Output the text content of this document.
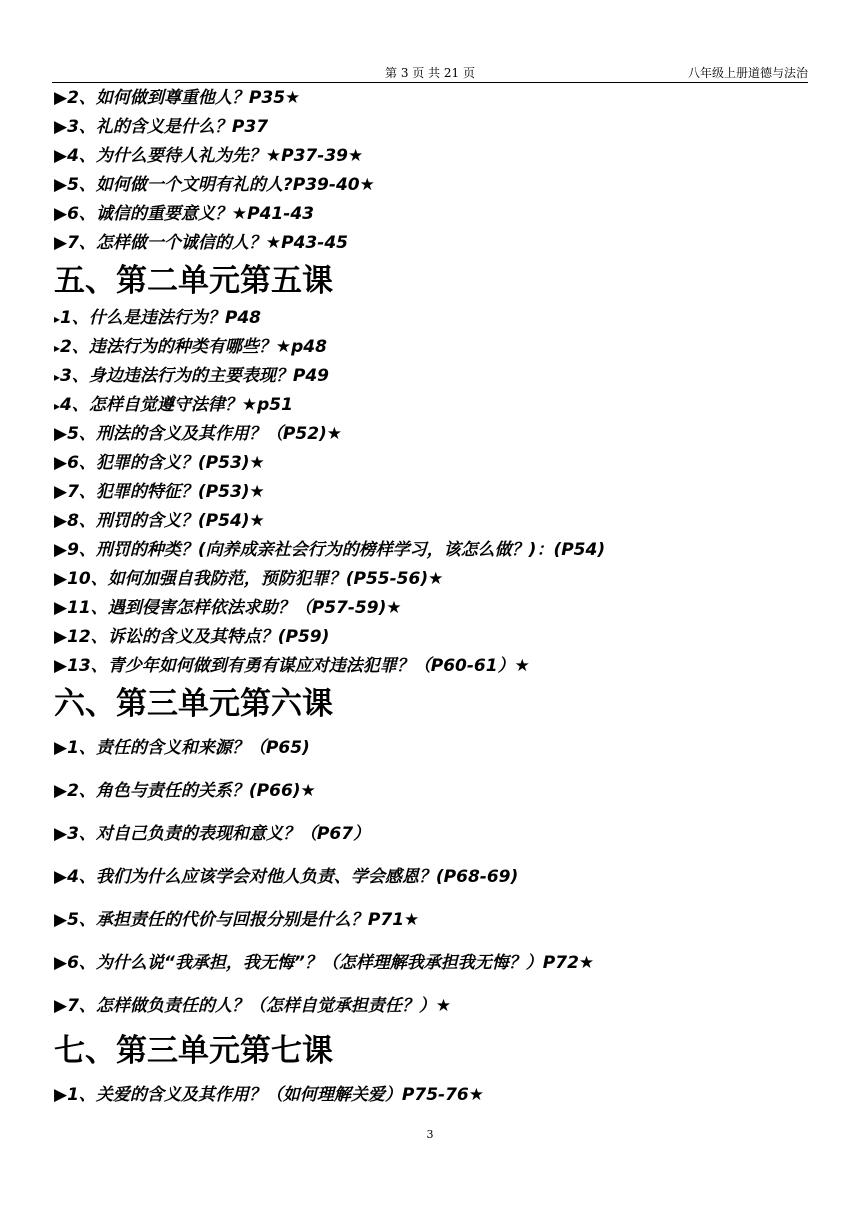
第 3 页 共 21 页	八年级上册道德与法治
▶2、如何做到尊重他人？P35★
▶3、礼的含义是什么？P37
▶4、为什么要待人礼为先？★P37-39★
▶5、如何做一个文明有礼的人?P39-40★
▶6、诚信的重要意义？★P41-43
▶7、怎样做一个诚信的人？★P43-45
五、第二单元第五课
▸1、什么是违法行为？P48
▸2、违法行为的种类有哪些？★p48
▸3、身边违法行为的主要表现？P49
▸4、怎样自觉遵守法律？★p51
▶5、刑法的含义及其作用？（P52)★
▶6、犯罪的含义？(P53)★
▶7、犯罪的特征？(P53)★
▶8、刑罚的含义？(P54)★
▶9、刑罚的种类？(向养成亲社会行为的榜样学习，该怎么做？)：(P54)
▶10、如何加强自我防范，预防犯罪？(P55-56)★
▶11、遇到侵害怎样依法求助？（P57-59)★
▶12、诉讼的含义及其特点？(P59)
▶13、青少年如何做到有勇有谋应对违法犯罪？（P60-61）★
六、第三单元第六课
▶1、责任的含义和来源？（P65)
▶2、角色与责任的关系？(P66)★
▶3、对自己负责的表现和意义？（P67）
▶4、我们为什么应该学会对他人负责、学会感恩？(P68-69)
▶5、承担责任的代价与回报分别是什么？P71★
▶6、为什么说“我承担，我无悔”？（怎样理解我承担我无悔？）P72★
▶7、怎样做负责任的人？（怎样自觉承担责任？）★
七、第三单元第七课
▶1、关爱的含义及其作用？（如何理解关爱）P75-76★
3
